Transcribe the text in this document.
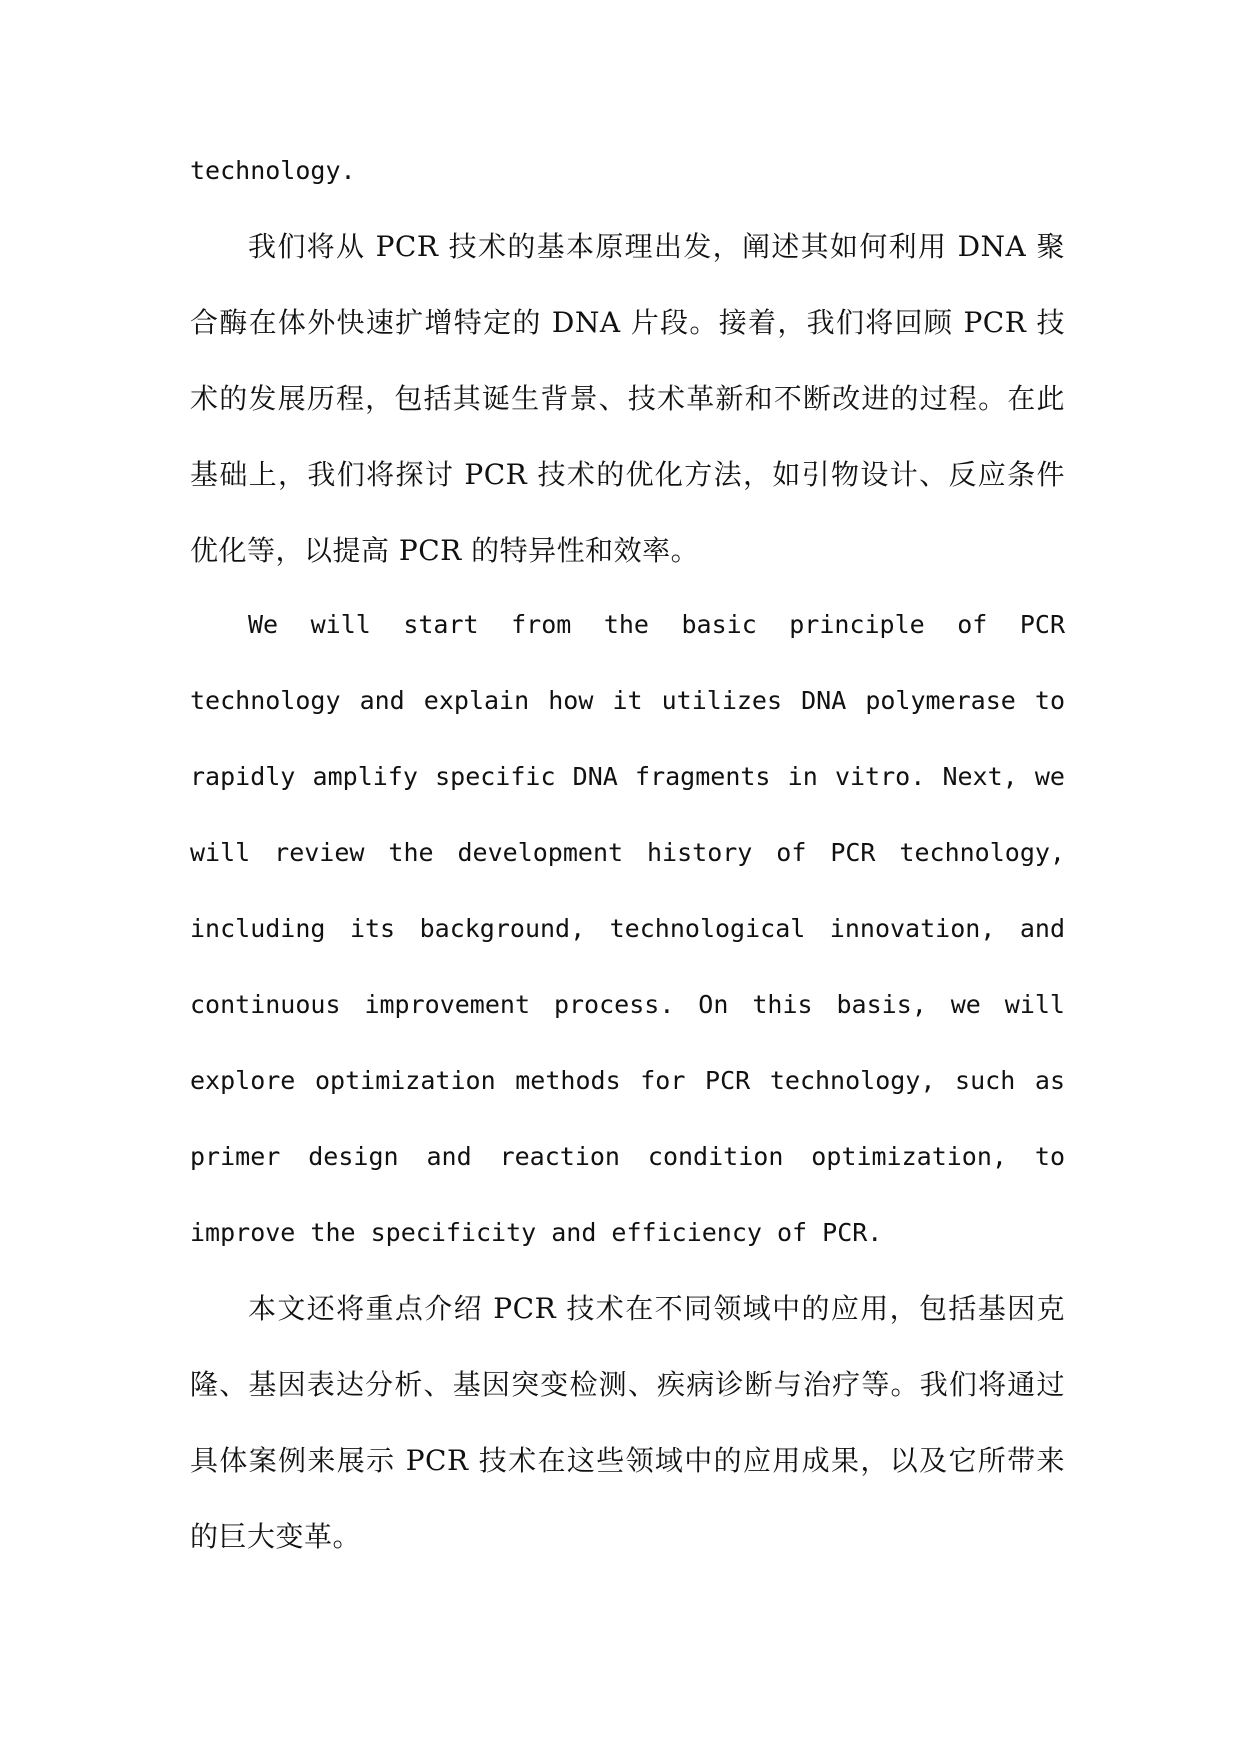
technology.

我们将从 PCR 技术的基本原理出发，阐述其如何利用 DNA 聚合酶在体外快速扩增特定的 DNA 片段。接着，我们将回顾 PCR 技术的发展历程，包括其诞生背景、技术革新和不断改进的过程。在此基础上，我们将探讨 PCR 技术的优化方法，如引物设计、反应条件优化等，以提高 PCR 的特异性和效率。

We will start from the basic principle of PCR technology and explain how it utilizes DNA polymerase to rapidly amplify specific DNA fragments in vitro. Next, we will review the development history of PCR technology, including its background, technological innovation, and continuous improvement process. On this basis, we will explore optimization methods for PCR technology, such as primer design and reaction condition optimization, to improve the specificity and efficiency of PCR.

本文还将重点介绍 PCR 技术在不同领域中的应用，包括基因克隆、基因表达分析、基因突变检测、疾病诊断与治疗等。我们将通过具体案例来展示 PCR 技术在这些领域中的应用成果，以及它所带来的巨大变革。
